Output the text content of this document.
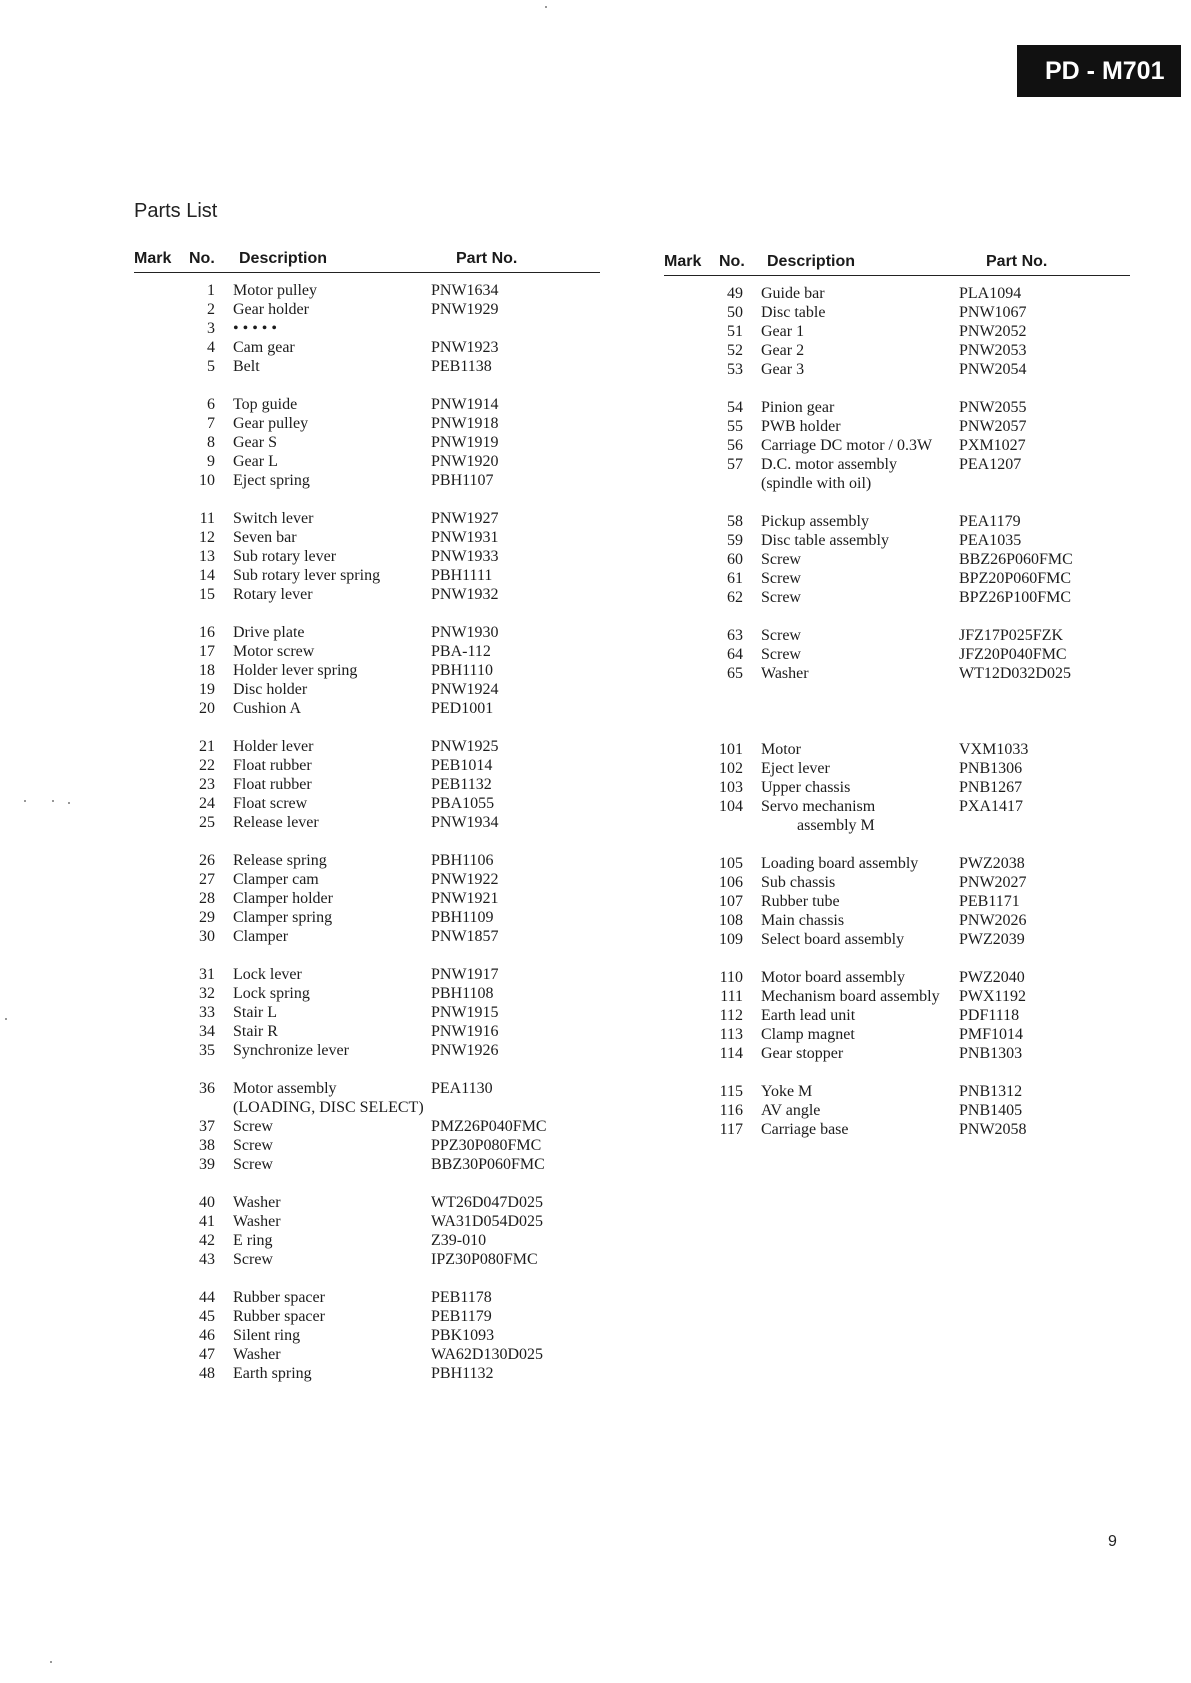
PD - M701
Parts List
Mark No. Description	Part No.	Mark No. Description	Part No.
1 Motor pulley	PNW1634
2 Gear holder	PNW1929
3 • • • • •
4 Cam gear	PNW1923
5 Belt	PEB1138
6 Top guide	PNW1914
7 Gear pulley	PNW1918
8 Gear S	PNW1919
9 Gear L	PNW1920
10 Eject spring	PBH1107
11 Switch lever	PNW1927
12 Seven bar	PNW1931
13 Sub rotary lever	PNW1933
14 Sub rotary lever spring	PBH1111
15 Rotary lever	PNW1932
16 Drive plate	PNW1930
17 Motor screw	PBA-112
18 Holder lever spring	PBH1110
19 Disc holder	PNW1924
20 Cushion A	PED1001
21 Holder lever	PNW1925
22 Float rubber	PEB1014
23 Float rubber	PEB1132
24 Float screw	PBA1055
25 Release lever	PNW1934
26 Release spring	PBH1106
27 Clamper cam	PNW1922
28 Clamper holder	PNW1921
29 Clamper spring	PBH1109
30 Clamper	PNW1857
31 Lock lever	PNW1917
32 Lock spring	PBH1108
33 Stair L	PNW1915
34 Stair R	PNW1916
35 Synchronize lever	PNW1926
36 Motor assembly	PEA1130
(LOADING, DISC SELECT)
37 Screw	PMZ26P040FMC
38 Screw	PPZ30P080FMC
39 Screw	BBZ30P060FMC
40 Washer	WT26D047D025
41 Washer	WA31D054D025
42 E ring	Z39-010
43 Screw	IPZ30P080FMC
44 Rubber spacer	PEB1178
45 Rubber spacer	PEB1179
46 Silent ring	PBK1093
47 Washer	WA62D130D025
48 Earth spring	PBH1132
49 Guide bar	PLA1094
50 Disc table	PNW1067
51 Gear 1	PNW2052
52 Gear 2	PNW2053
53 Gear 3	PNW2054
54 Pinion gear	PNW2055
55 PWB holder	PNW2057
56 Carriage DC motor / 0.3W PXM1027
57 D.C. motor assembly	PEA1207
(spindle with oil)
58 Pickup assembly	PEA1179
59 Disc table assembly	PEA1035
60 Screw	BBZ26P060FMC
61 Screw	BPZ20P060FMC
62 Screw	BPZ26P100FMC
63 Screw	JFZ17P025FZK
64 Screw	JFZ20P040FMC
65 Washer	WT12D032D025
101 Motor	VXM1033
102 Eject lever	PNB1306
103 Upper chassis	PNB1267
104 Servo mechanism	PXA1417
assembly M
105 Loading board assembly	PWZ2038
106 Sub chassis	PNW2027
107 Rubber tube	PEB1171
108 Main chassis	PNW2026
109 Select board assembly	PWZ2039
110 Motor board assembly	PWZ2040
111 Mechanism board assembly PWX1192
112 Earth lead unit	PDF1118
113 Clamp magnet	PMF1014
114 Gear stopper	PNB1303
115 Yoke M	PNB1312
116 AV angle	PNB1405
117 Carriage base	PNW2058
9
